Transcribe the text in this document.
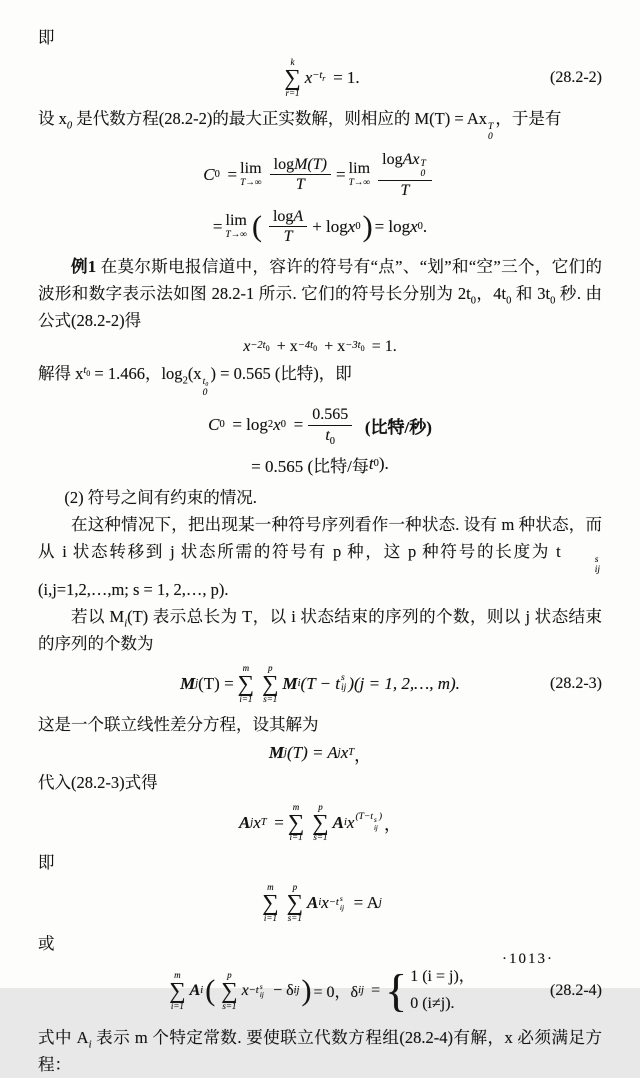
即

k
∑
r=1
$x -t_r = 1$.	(28.2-2)

设 $x_0$ 是代数方程(28.2-2)的最大正实数解，则相应的 M(T) = Ax T
0
，于是有

C 0 = lim
$T\to\infty \frac{\log M(T)}{T} = \lim$
T→∞ logAx T
0
T
= lim
T→∞ ( $\frac{\log A}{T} + \log x$ 0 ) = log x 0 .

例1 在莫尔斯电报信道中，容许的符号有“点”、“划”和“空”三个，它们的波形和数字表示法如图 28.2-1 所示. 它们的符号长分别为 $2t_0$，$4t_0$ 和 $3t_0$ 秒. 由公式(28.2-2)得

$x -2t_0 + x -4t_0 + x -3t_0 = 1$.

解得 $x^{t_0} = 1.466$，$\log_2(x$ t₀
0
) = 0.565 (比特)，即

C 0 = log 2 x $0 = \frac{0.565}{t_0}$ (比特/秒)
= 0.565 (比特/每 t 0 ).

(2) 符号之间有约束的情况.

在这种情况下，把出现某一种符号序列看作一种状态. 设有 m 种状态，而从 i 状态转移到 j 状态所需的符号有 p 种，这 p 种符号的长度为 t	s
ij
(i,j=1,2,…,m; s = 1, 2,…, p).

若以 $M_i(T)$ 表示总长为 T，以 i 状态结束的序列的个数，则以 j 状态结束的序列的个数为

M j (T) =
m
∑
i=1
p
∑
s=1
M i (T − t s
ij )(j = 1, 2,…, m).	(28.2-3)

这是一个联立线性差分方程，设其解为

M j (T) = A j x T ，

代入(28.2-3)式得

A j x T =
m
∑
i=1
p
∑
s=1
A i x (T−t s
ij
) ，

即

m
∑
i=1
p
∑
s=1
A i x −t s
ij = A j

或

m
∑
i=1
A i ( p
∑
s=1
x −t s
ij − δ ij ) = 0，δ ij = { 1 (i = j)，
0 (i≠j).
(28.2-4)

式中 $A_i$ 表示 m 个特定常数. 要使联立代数方程组(28.2-4)有解，x 必须满足方程：

·1013·
